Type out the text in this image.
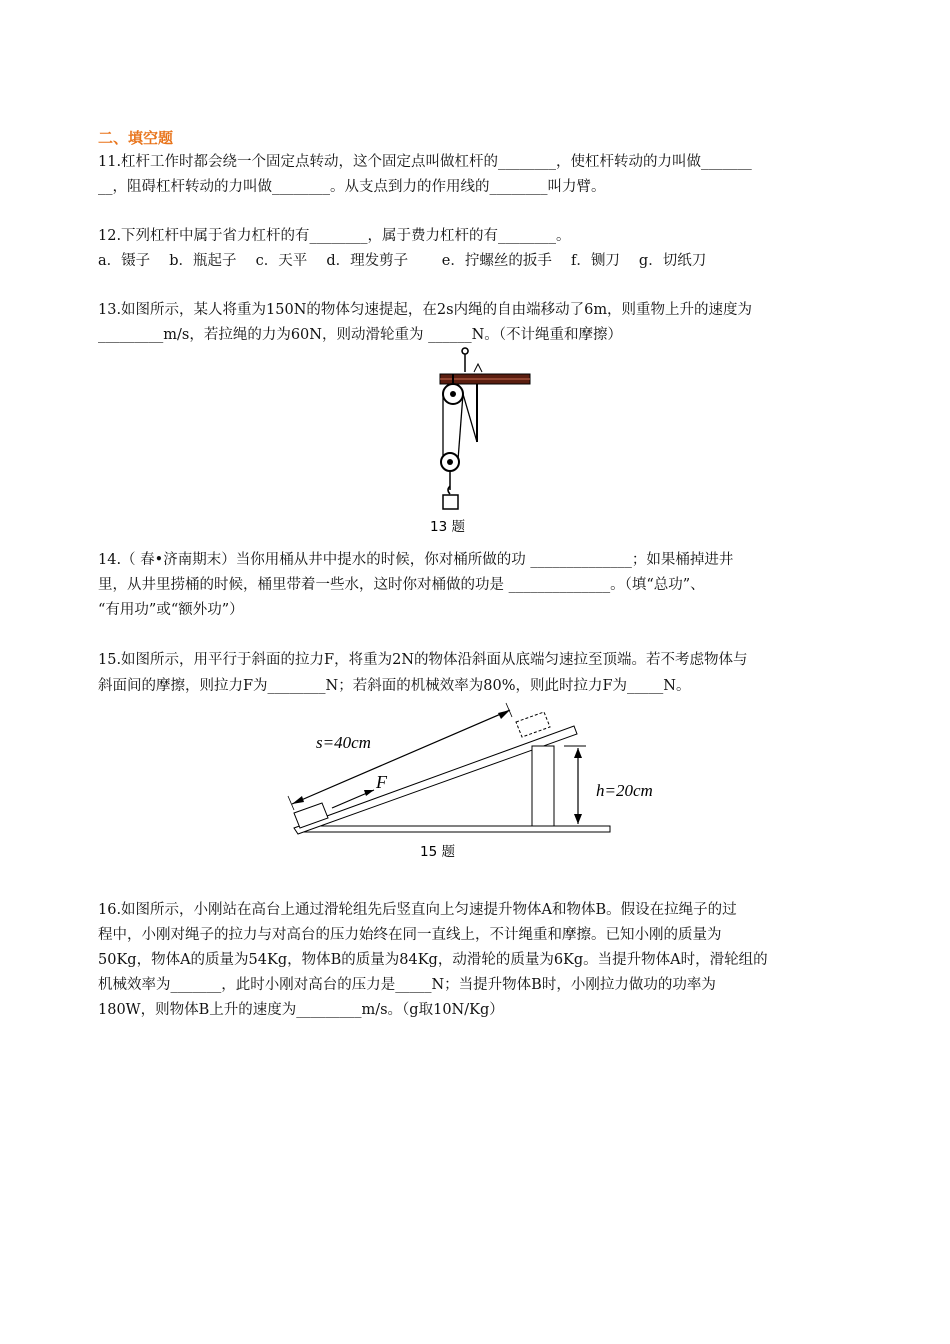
二、填空题
11.杠杆工作时都会绕一个固定点转动，这个固定点叫做杠杆的________，使杠杆转动的力叫做_______
__，阻碍杠杆转动的力叫做________。从支点到力的作用线的________叫力臂。
12.下列杠杆中属于省力杠杆的有________，属于费力杠杆的有________。
a．镊子　 b．瓶起子　 c．天平　 d．理发剪子　　 e．拧螺丝的扳手　 f．铡刀　 g．切纸刀
13.如图所示，某人将重为150N的物体匀速提起，在2s内绳的自由端移动了6m，则重物上升的速度为
_________m/s，若拉绳的力为60N，则动滑轮重为 ______N。（不计绳重和摩擦）
13 题
14.（ 春•济南期末）当你用桶从井中提水的时候，你对桶所做的功 ______________；如果桶掉进井
里，从井里捞桶的时候，桶里带着一些水，这时你对桶做的功是 ______________。（填“总功”、
“有用功”或“额外功”）
15.如图所示，用平行于斜面的拉力F，将重为2N的物体沿斜面从底端匀速拉至顶端。若不考虑物体与
斜面间的摩擦，则拉力F为________N；若斜面的机械效率为80%，则此时拉力F为_____N。
s=40cm
F	h=20cm
15 题
16.如图所示，小刚站在高台上通过滑轮组先后竖直向上匀速提升物体A和物体B。假设在拉绳子的过
程中，小刚对绳子的拉力与对高台的压力始终在同一直线上，不计绳重和摩擦。已知小刚的质量为
50Kg，物体A的质量为54Kg，物体B的质量为84Kg，动滑轮的质量为6Kg。当提升物体A时，滑轮组的
机械效率为_______，此时小刚对高台的压力是_____N；当提升物体B时，小刚拉力做功的功率为
180W，则物体B上升的速度为_________m/s。（g取10N/Kg）
